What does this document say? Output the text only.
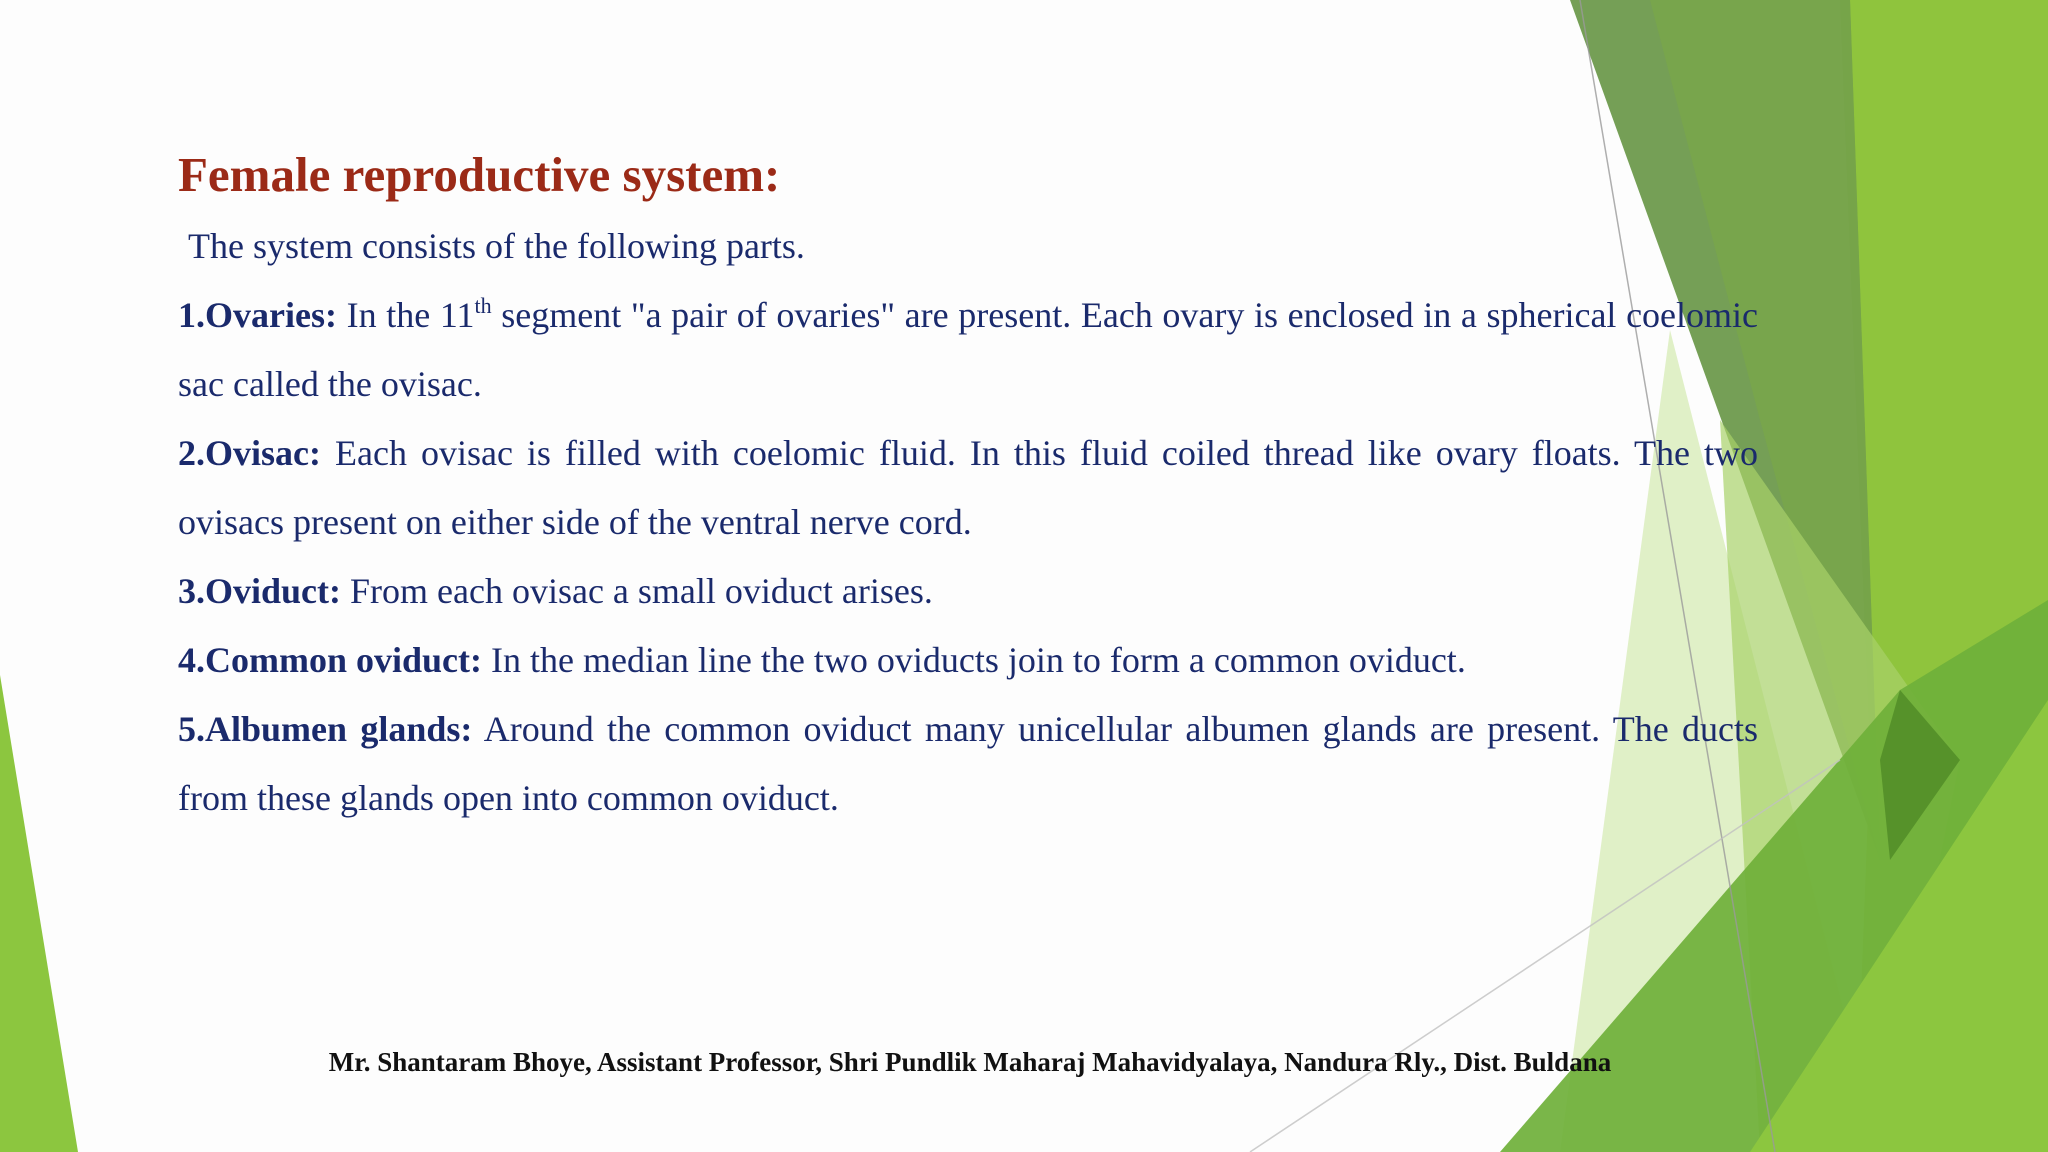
Female reproductive system:

The system consists of the following parts.

1.Ovaries: In the 11th segment "a pair of ovaries" are present. Each ovary is enclosed in a spherical coelomic sac called the ovisac.

2.Ovisac: Each ovisac is filled with coelomic fluid. In this fluid coiled thread like ovary floats. The two ovisacs present on either side of the ventral nerve cord.

3.Oviduct: From each ovisac a small oviduct arises.

4.Common oviduct: In the median line the two oviducts join to form a common oviduct.

5.Albumen glands: Around the common oviduct many unicellular albumen glands are present. The ducts from these glands open into common oviduct.

Mr. Shantaram Bhoye, Assistant Professor, Shri Pundlik Maharaj Mahavidyalaya, Nandura Rly., Dist. Buldana
